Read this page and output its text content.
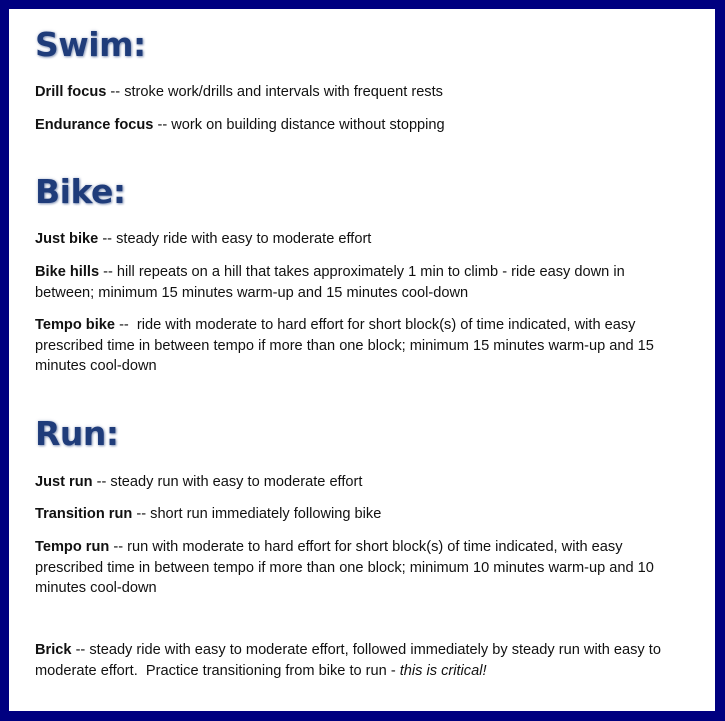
Swim:

Drill focus -- stroke work/drills and intervals with frequent rests

Endurance focus -- work on building distance without stopping

Bike:

Just bike -- steady ride with easy to moderate effort

Bike hills -- hill repeats on a hill that takes approximately 1 min to climb - ride easy down in between; minimum 15 minutes warm-up and 15 minutes cool-down

Tempo bike --  ride with moderate to hard effort for short block(s) of time indicated, with easy prescribed time in between tempo if more than one block; minimum 15 minutes warm-up and 15 minutes cool-down

Run:

Just run -- steady run with easy to moderate effort

Transition run -- short run immediately following bike

Tempo run -- run with moderate to hard effort for short block(s) of time indicated, with easy prescribed time in between tempo if more than one block; minimum 10 minutes warm-up and 10 minutes cool-down

Brick -- steady ride with easy to moderate effort, followed immediately by steady run with easy to moderate effort.  Practice transitioning from bike to run - this is critical!
